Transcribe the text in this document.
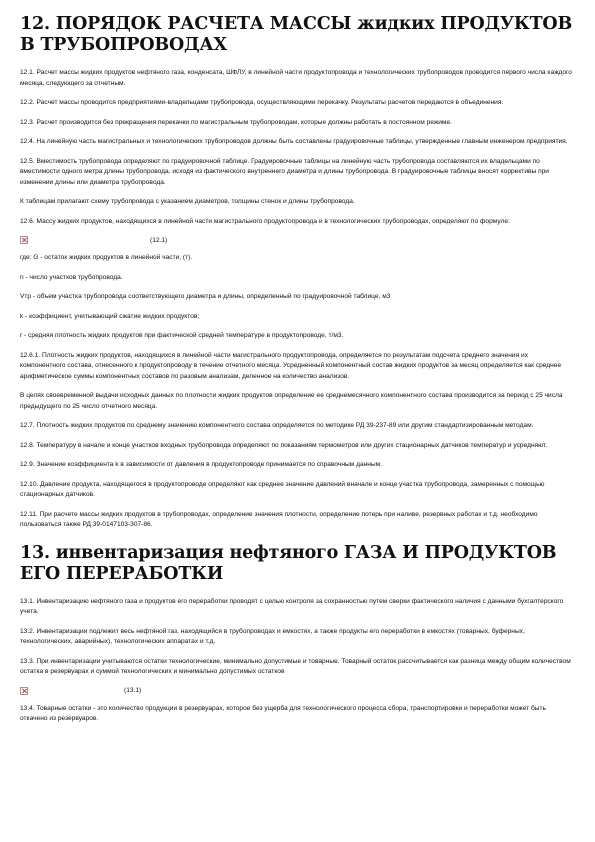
12. ПОРЯДОК РАСЧЕТА МАССЫ жидких ПРОДУКТОВ В ТРУБОПРОВОДАХ

12.1. Расчет массы жидких продуктов нефтяного газа, конденсата, ШФЛУ, в линейной части продуктопровода и технологических трубопроводов проводится первого числа каждого месяца, следующего за отчетным.

12.2. Расчет массы проводится предприятиями-владельцами трубопровода, осуществляющими перекачку. Результаты расчетов передаются в объединения.

12.3. Расчет производится без прекращения перекачки по магистральным трубопроводам, которые должны работать в постоянном режиме.

12.4. На линейную часть магистральных и технологических трубопроводов должны быть составлены градуировочные таблицы, утвержденные главным инженером предприятия.

12.5. Вместимость трубопровода определяют по градуировочной таблице. Градуировочные таблицы на линейную часть трубопровода составляются их владельцами по вместимости одного метра длины трубопровода, исходя из фактического внутреннего диаметра и длины трубопровода. В градуировочные таблицы вносят коррективы при изменении длины или диаметра трубопровода.

К таблицам прилагают схему трубопровода с указанием диаметров, толщины стенок и длины трубопровода.

12.6. Массу жидких продуктов, находящихся в линейной части магистрального продуктопровода и в технологических трубопроводах, определяют по формуле:

(12.1)

где: G - остаток жидких продуктов в линейной части, (т).

n - число участков трубопровода.

Vтр - объем участка трубопровода соответствующего диаметра и длины, определенный по градуировочной таблице, м3

k - коэффициент, учитывающий сжатие жидких продуктов;

r - средняя плотность жидких продуктов при фактической средней температуре в продуктопроводе, т/м3.

12.6.1. Плотность жидких продуктов, находящихся в линейной части магистрального продуктопровода, определяется по результатам подсчета среднего значения их компонентного состава, отнесенного к продуктопроводу в течение отчетного месяца. Усредненный компонентный состав жидких продуктов за месяц определяется как среднее арифметическое суммы компонентных составов по разовым анализам, деленное на количество анализов.

В целях своевременной выдачи исходных данных по плотности жидких продуктов определение ее среднемесячного компонентного состава производится за период с 25 числа предыдущего по 25 число отчетного месяца.

12.7. Плотность жидких продуктов по среднему значению компонентного состава определяется по методике РД 39-237-89 или другим стандартизированным методам.

12.8. Температуру в начале и конце участков входных трубопровода определяют по показаниям термометров или других стационарных датчиков температур и усредняют.

12.9. Значение коэффициента k в зависимости от давления в продуктопроводе принимается по справочным данным.

12.10. Давление продукта, находящегося в продуктопроводе определяют как среднее значение давлений вначале и конце участка трубопровода, замеренных с помощью стационарных датчиков.

12.11. При расчете массы жидких продуктов в трубопроводах, определение значения плотности, определение потерь при наливе, резервных работах и т.д. необходимо пользоваться также РД 39-0147103-307-86.

13. инвентаризация нефтяного ГАЗА И ПРОДУКТОВ ЕГО ПЕРЕРАБОТКИ

13.1. Инвентаризацию нефтяного газа и продуктов его переработки проводят с целью контроля за сохранностью путем сверки фактического наличия с данными бухгалтерского учета.

13.2. Инвентаризации подлежит весь нефтяной газ, находящийся в трубопроводах и емкостях, а также продукты его переработки в емкостях (товарных, буферных, технологических, аварийных), технологических аппаратах и т.д.

13.3. При инвентаризации учитываются остатки технологические, минимально допустимые и товарные. Товарный остаток рассчитывается как разница между общим количеством остатка в резервуарах и суммой технологических и минимально допустимых остатков

(13.1)

13.4. Товарные остатки - это количество продукции в резервуарах, которое без ущерба для технологического процесса сбора, транспортировки и переработки может быть откачено из резервуаров.
